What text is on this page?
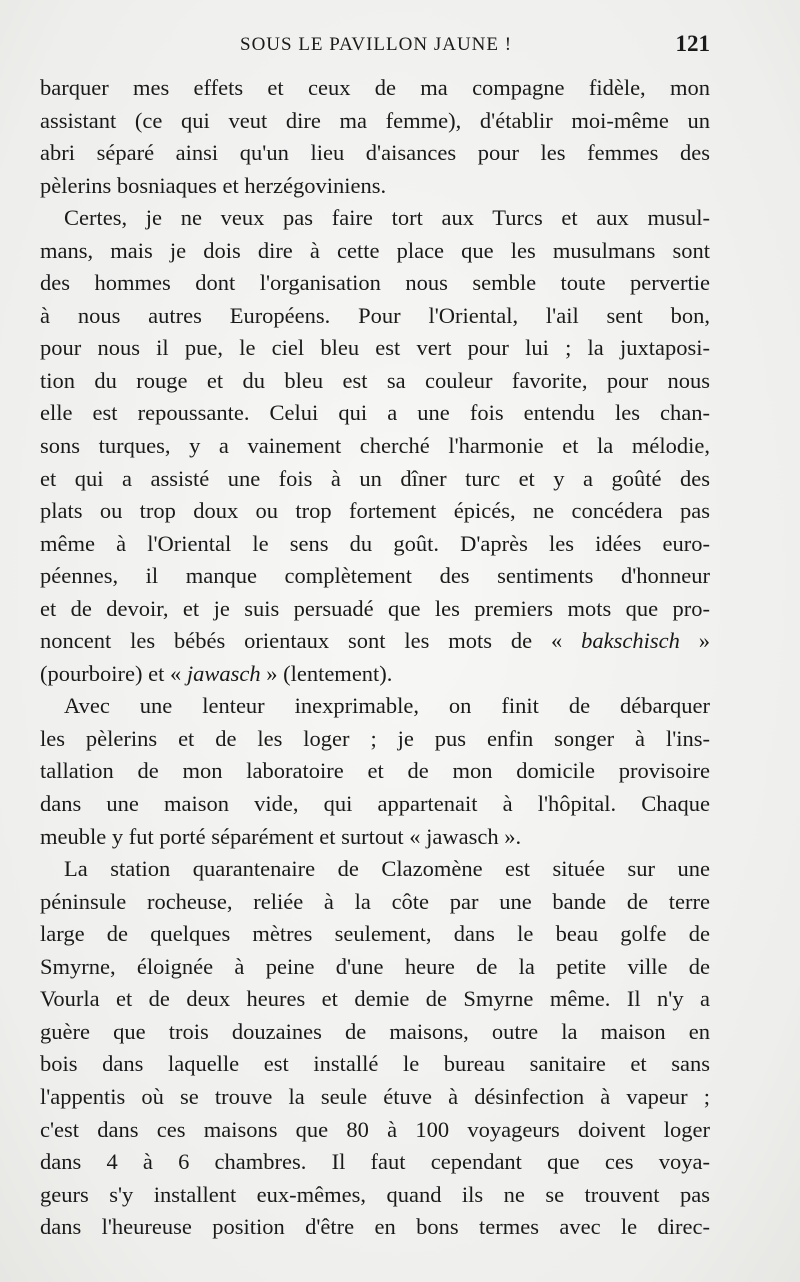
SOUS LE PAVILLON JAUNE !	121
barquer mes effets et ceux de ma compagne fidèle, mon
assistant (ce qui veut dire ma femme), d'établir moi-même un
abri séparé ainsi qu'un lieu d'aisances pour les femmes des
pèlerins bosniaques et herzégoviniens.
Certes, je ne veux pas faire tort aux Turcs et aux musul-
mans, mais je dois dire à cette place que les musulmans sont
des hommes dont l'organisation nous semble toute pervertie
à nous autres Européens. Pour l'Oriental, l'ail sent bon,
pour nous il pue, le ciel bleu est vert pour lui ; la juxtaposi-
tion du rouge et du bleu est sa couleur favorite, pour nous
elle est repoussante. Celui qui a une fois entendu les chan-
sons turques, y a vainement cherché l'harmonie et la mélodie,
et qui a assisté une fois à un dîner turc et y a goûté des
plats ou trop doux ou trop fortement épicés, ne concédera pas
même à l'Oriental le sens du goût. D'après les idées euro-
péennes, il manque complètement des sentiments d'honneur
et de devoir, et je suis persuadé que les premiers mots que pro-
noncent les bébés orientaux sont les mots de « bakschisch »
(pourboire) et « jawasch » (lentement).
Avec une lenteur inexprimable, on finit de débarquer
les pèlerins et de les loger ; je pus enfin songer à l'ins-
tallation de mon laboratoire et de mon domicile provisoire
dans une maison vide, qui appartenait à l'hôpital. Chaque
meuble y fut porté séparément et surtout « jawasch ».
La station quarantenaire de Clazomène est située sur une
péninsule rocheuse, reliée à la côte par une bande de terre
large de quelques mètres seulement, dans le beau golfe de
Smyrne, éloignée à peine d'une heure de la petite ville de
Vourla et de deux heures et demie de Smyrne même. Il n'y a
guère que trois douzaines de maisons, outre la maison en
bois dans laquelle est installé le bureau sanitaire et sans
l'appentis où se trouve la seule étuve à désinfection à vapeur ;
c'est dans ces maisons que 80 à 100 voyageurs doivent loger
dans 4 à 6 chambres. Il faut cependant que ces voya-
geurs s'y installent eux-mêmes, quand ils ne se trouvent pas
dans l'heureuse position d'être en bons termes avec le direc-
